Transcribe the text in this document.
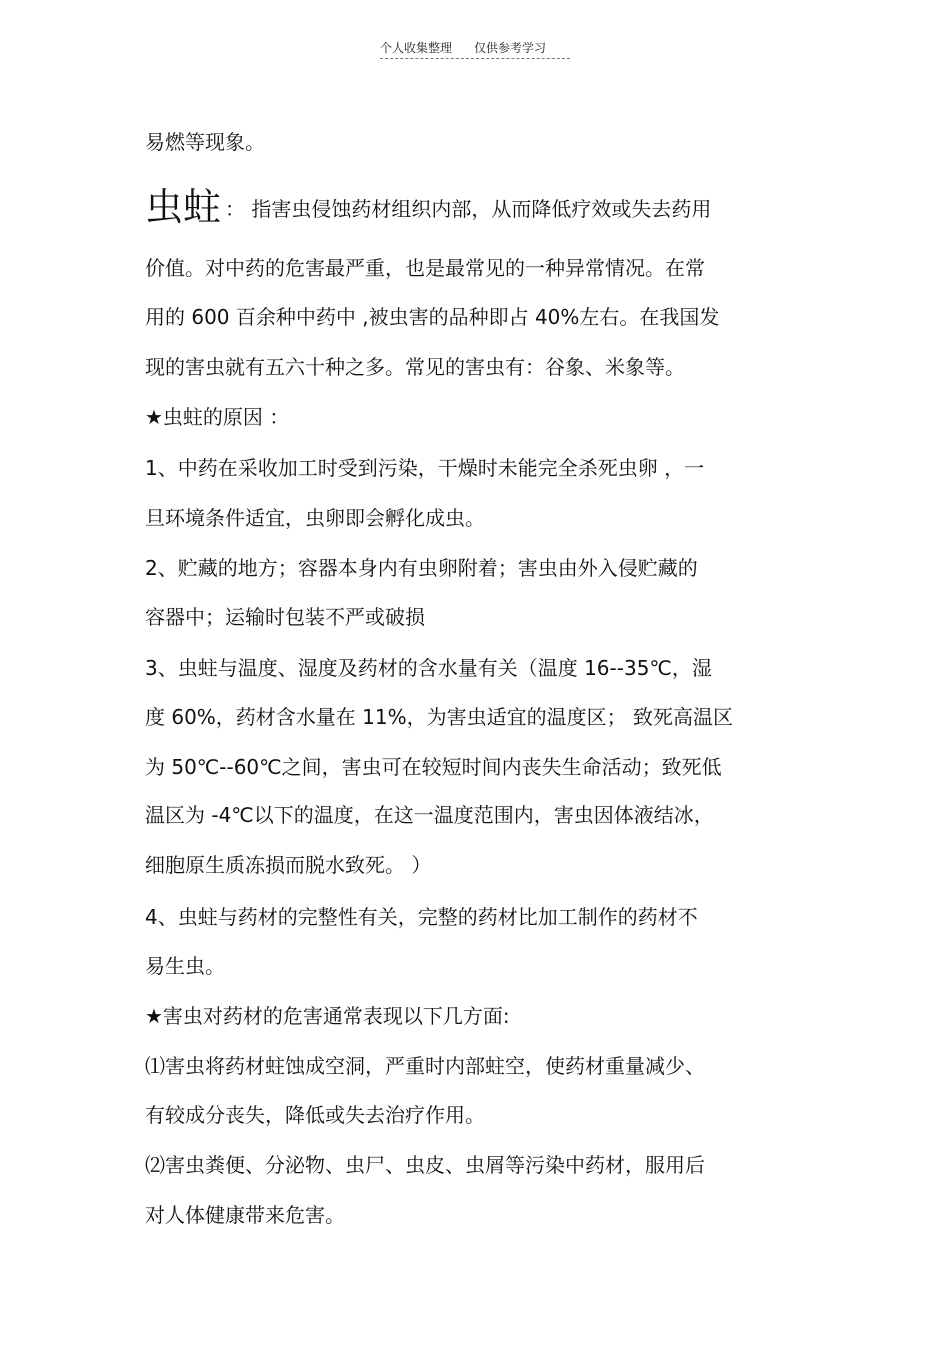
个人收集整理 仅供参考学习
易燃等现象。
虫蛀 ： 指害虫侵蚀药材组织内部，从而降低疗效或失去药用
价值。对中药的危害最严重，也是最常见的一种异常情况。在常
用的 600 百余种中药中 ,被虫害的品种即占 40%左右。在我国发
现的害虫就有五六十种之多。常见的害虫有：谷象、米象等。
★虫蛀的原因 ：
1、中药在采收加工时受到污染，干燥时未能完全杀死虫卵 ，一
旦环境条件适宜，虫卵即会孵化成虫。
2、贮藏的地方；容器本身内有虫卵附着；害虫由外入侵贮藏的
容器中；运输时包装不严或破损
3、虫蛀与温度、湿度及药材的含水量有关（温度 16--35℃，湿
度 60%，药材含水量在 11%，为害虫适宜的温度区； 致死高温区
为 50℃--60℃之间，害虫可在较短时间内丧失生命活动；致死低
温区为 -4℃以下的温度，在这一温度范围内，害虫因体液结冰，
细胞原生质冻损而脱水致死。 ）
4、虫蛀与药材的完整性有关，完整的药材比加工制作的药材不
易生虫。
★害虫对药材的危害通常表现以下几方面:
⑴害虫将药材蛀蚀成空洞，严重时内部蛀空，使药材重量减少、
有较成分丧失，降低或失去治疗作用。
⑵害虫粪便、分泌物、虫尸、虫皮、虫屑等污染中药材，服用后
对人体健康带来危害。
